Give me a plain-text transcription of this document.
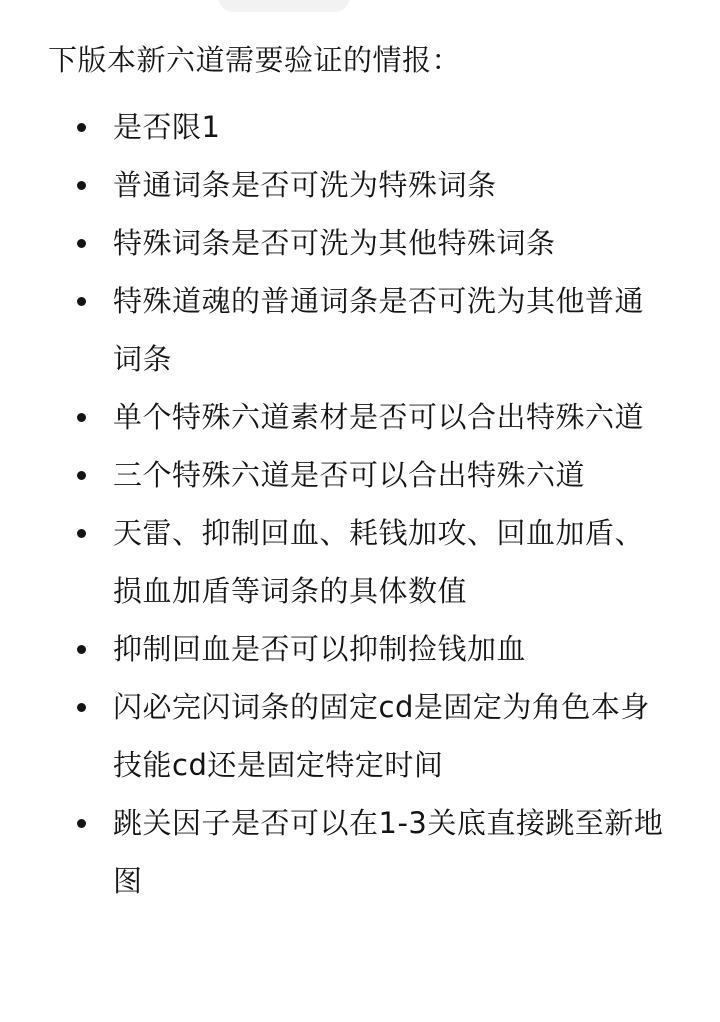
下版本新六道需要验证的情报：

是否限1
普通词条是否可洗为特殊词条
特殊词条是否可洗为其他特殊词条
特殊道魂的普通词条是否可洗为其他普通词条
单个特殊六道素材是否可以合出特殊六道
三个特殊六道是否可以合出特殊六道
天雷、抑制回血、耗钱加攻、回血加盾、损血加盾等词条的具体数值
抑制回血是否可以抑制捡钱加血
闪必完闪词条的固定cd是固定为角色本身技能cd还是固定特定时间
跳关因子是否可以在1-3关底直接跳至新地图
